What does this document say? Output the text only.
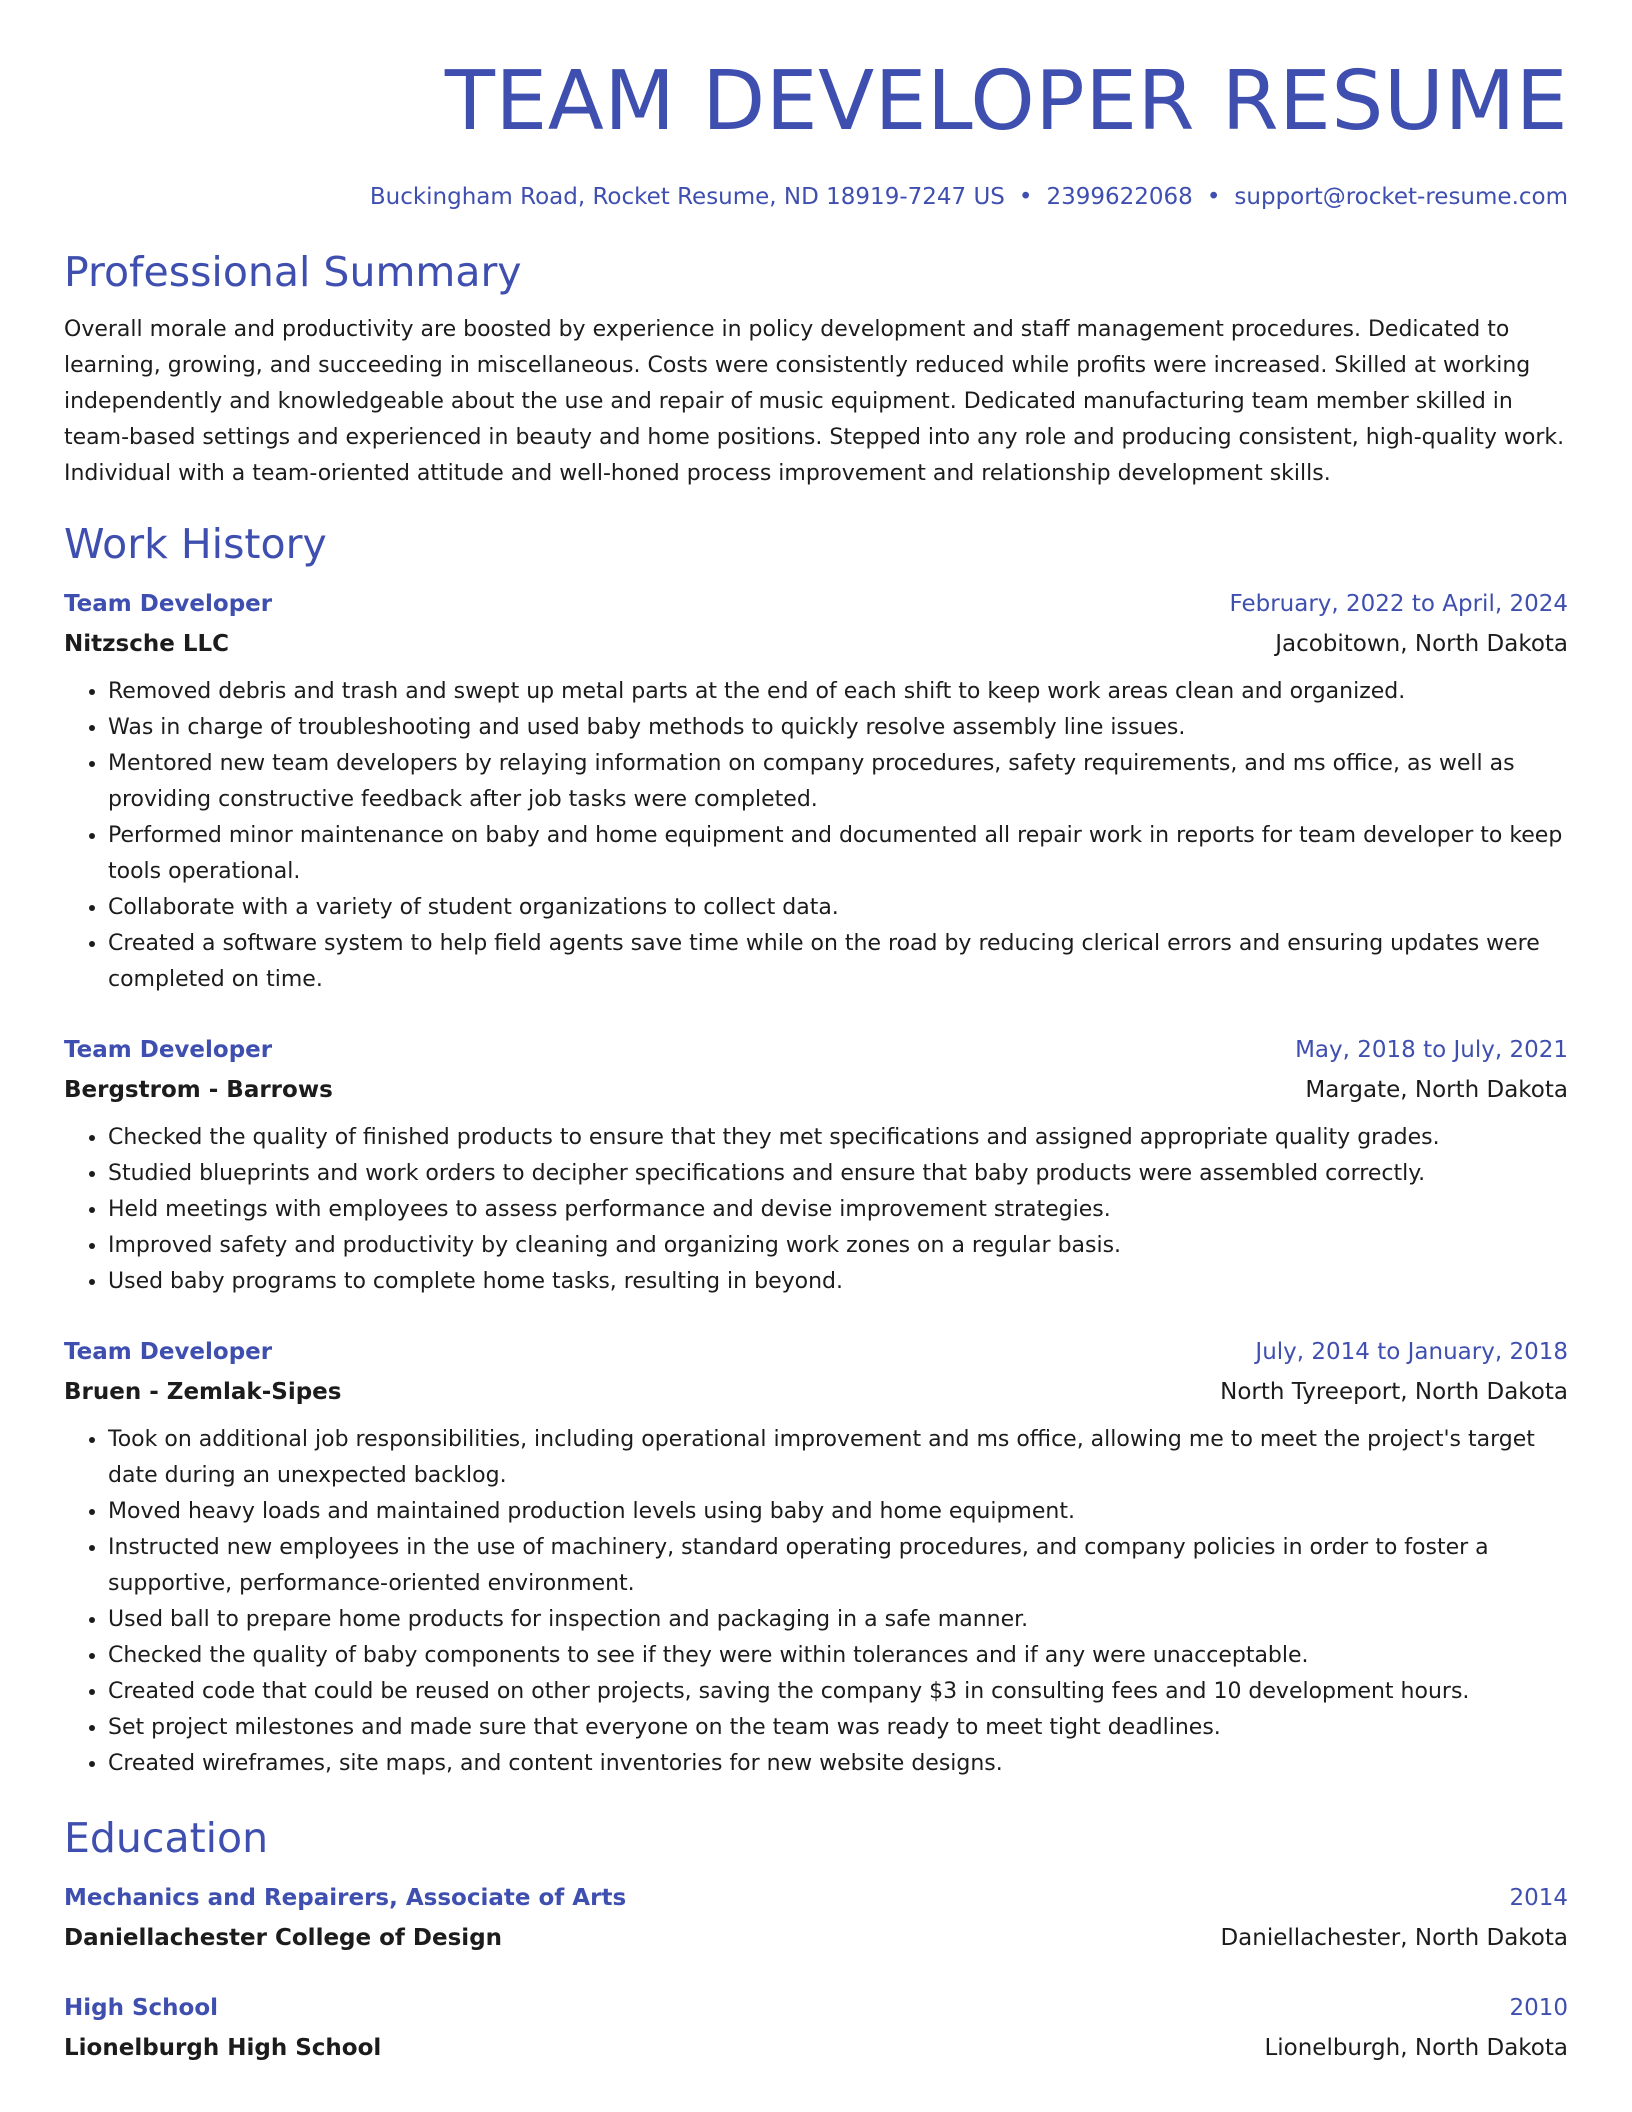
TEAM DEVELOPER RESUME
Buckingham Road, Rocket Resume, ND 18919-7247 US • 2399622068 • support@rocket-resume.com
Professional Summary
Overall morale and productivity are boosted by experience in policy development and staff management procedures. Dedicated to learning, growing, and succeeding in miscellaneous. Costs were consistently reduced while profits were increased. Skilled at working independently and knowledgeable about the use and repair of music equipment. Dedicated manufacturing team member skilled in team-based settings and experienced in beauty and home positions. Stepped into any role and producing consistent, high-quality work. Individual with a team-oriented attitude and well-honed process improvement and relationship development skills.
Work History
Team Developer	February, 2022 to April, 2024
Nitzsche LLC	Jacobitown, North Dakota
• Removed debris and trash and swept up metal parts at the end of each shift to keep work areas clean and organized.
• Was in charge of troubleshooting and used baby methods to quickly resolve assembly line issues.
• Mentored new team developers by relaying information on company procedures, safety requirements, and ms office, as well as providing constructive feedback after job tasks were completed.
• Performed minor maintenance on baby and home equipment and documented all repair work in reports for team developer to keep tools operational.
• Collaborate with a variety of student organizations to collect data.
• Created a software system to help field agents save time while on the road by reducing clerical errors and ensuring updates were completed on time.
Team Developer	May, 2018 to July, 2021
Bergstrom - Barrows	Margate, North Dakota
• Checked the quality of finished products to ensure that they met specifications and assigned appropriate quality grades.
• Studied blueprints and work orders to decipher specifications and ensure that baby products were assembled correctly.
• Held meetings with employees to assess performance and devise improvement strategies.
• Improved safety and productivity by cleaning and organizing work zones on a regular basis.
• Used baby programs to complete home tasks, resulting in beyond.
Team Developer	July, 2014 to January, 2018
Bruen - Zemlak-Sipes	North Tyreeport, North Dakota
• Took on additional job responsibilities, including operational improvement and ms office, allowing me to meet the project's target date during an unexpected backlog.
• Moved heavy loads and maintained production levels using baby and home equipment.
• Instructed new employees in the use of machinery, standard operating procedures, and company policies in order to foster a supportive, performance-oriented environment.
• Used ball to prepare home products for inspection and packaging in a safe manner.
• Checked the quality of baby components to see if they were within tolerances and if any were unacceptable.
• Created code that could be reused on other projects, saving the company $3 in consulting fees and 10 development hours.
• Set project milestones and made sure that everyone on the team was ready to meet tight deadlines.
• Created wireframes, site maps, and content inventories for new website designs.
Education
Mechanics and Repairers, Associate of Arts	2014
Daniellachester College of Design	Daniellachester, North Dakota
High School	2010
Lionelburgh High School	Lionelburgh, North Dakota
